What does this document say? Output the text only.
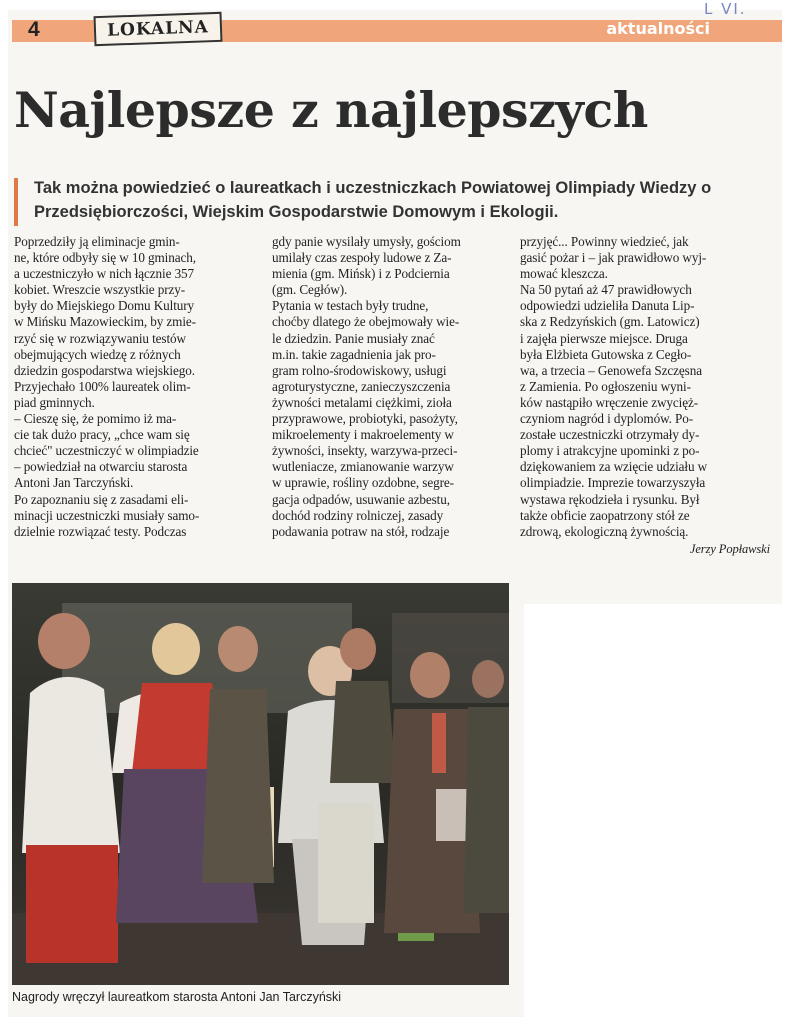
L VI.
4	LOKALNA	aktualności
Najlepsze z najlepszych

Tak można powiedzieć o laureatkach i uczestniczkach Powiatowej Olimpiady Wiedzy o Przedsiębiorczości, Wiejskim Gospodarstwie Domowym i Ekologii.

Poprzedziły ją eliminacje gmin-
ne, które odbyły się w 10 gminach,
a uczestniczyło w nich łącznie 357
kobiet. Wreszcie wszystkie przy-
były do Miejskiego Domu Kultury
w Mińsku Mazowieckim, by zmie-
rzyć się w rozwiązywaniu testów
obejmujących wiedzę z różnych
dziedzin gospodarstwa wiejskiego.
Przyjechało 100% laureatek olim-
piad gminnych.
– Cieszę się, że pomimo iż ma-
cie tak dużo pracy, „chce wam się
chcieć" uczestniczyć w olimpiadzie
– powiedział na otwarciu starosta
Antoni Jan Tarczyński.
Po zapoznaniu się z zasadami eli-
minacji uczestniczki musiały samo-
dzielnie rozwiązać testy. Podczas
gdy panie wysilały umysły, gościom
umilały czas zespoły ludowe z Za-
mienia (gm. Mińsk) i z Podciernia
(gm. Cegłów).
Pytania w testach były trudne,
choćby dlatego że obejmowały wie-
le dziedzin. Panie musiały znać
m.in. takie zagadnienia jak pro-
gram rolno-środowiskowy, usługi
agroturystyczne, zanieczyszczenia
żywności metalami ciężkimi, zioła
przyprawowe, probiotyki, pasożyty,
mikroelementy i makroelementy w
żywności, insekty, warzywa-przeci-
wutleniacze, zmianowanie warzyw
w uprawie, rośliny ozdobne, segre-
gacja odpadów, usuwanie azbestu,
dochód rodziny rolniczej, zasady
podawania potraw na stół, rodzaje
przyjęć... Powinny wiedzieć, jak
gasić pożar i – jak prawidłowo wyj-
mować kleszcza.
Na 50 pytań aż 47 prawidłowych
odpowiedzi udzieliła Danuta Lip-
ska z Redzyńskich (gm. Latowicz)
i zajęła pierwsze miejsce. Druga
była Elżbieta Gutowska z Cegło-
wa, a trzecia – Genowefa Szczęsna
z Zamienia. Po ogłoszeniu wyni-
ków nastąpiło wręczenie zwycięż-
czyniom nagród i dyplomów. Po-
zostałe uczestniczki otrzymały dy-
plomy i atrakcyjne upominki z po-
dziękowaniem za wzięcie udziału w
olimpiadzie. Imprezie towarzyszyła
wystawa rękodzieła i rysunku. Był
także obficie zaopatrzony stół ze
zdrową, ekologiczną żywnością.
Jerzy Popławski
Nagrody wręczył laureatkom starosta Antoni Jan Tarczyński
